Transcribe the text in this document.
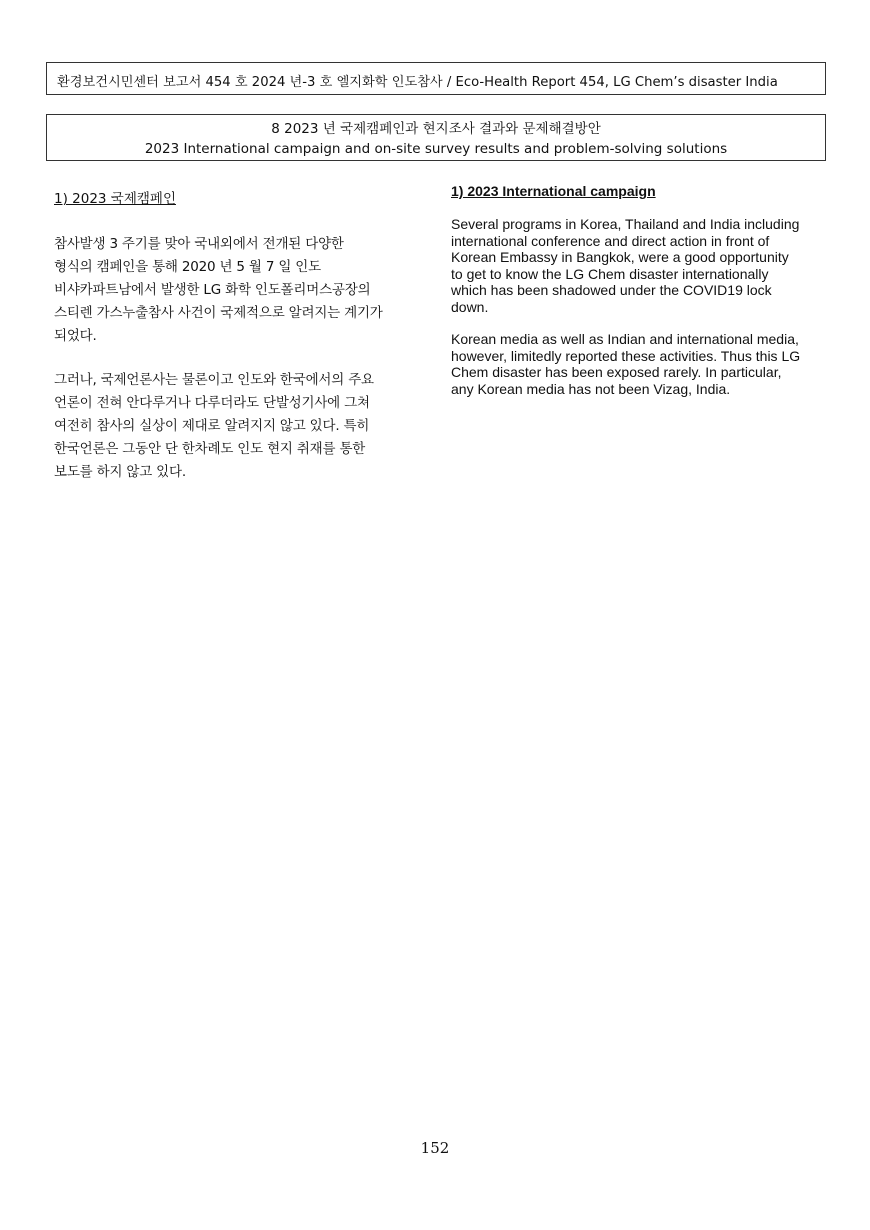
환경보건시민센터 보고서 454 호 2024 년-3 호 엘지화학 인도참사 / Eco-Health Report 454, LG Chem’s disaster India
8 2023 년 국제캠페인과 현지조사 결과와 문제해결방안
2023 International campaign and on-site survey results and problem-solving solutions
1) 2023 국제캠페인

참사발생 3 주기를 맞아 국내외에서 전개된 다양한
형식의 캠페인을 통해 2020 년 5 월 7 일 인도
비샤카파트남에서 발생한 LG 화학 인도폴리머스공장의
스티렌 가스누출참사 사건이 국제적으로 알려지는 계기가
되었다.

그러나, 국제언론사는 물론이고 인도와 한국에서의 주요
언론이 전혀 안다루거나 다루더라도 단발성기사에 그쳐
여전히 참사의 실상이 제대로 알려지지 않고 있다. 특히
한국언론은 그동안 단 한차례도 인도 현지 취재를 통한
보도를 하지 않고 있다.

1) 2023 International campaign

Several programs in Korea, Thailand and India including
international conference and direct action in front of
Korean Embassy in Bangkok, were a good opportunity
to get to know the LG Chem disaster internationally
which has been shadowed under the COVID19 lock
down.

Korean media as well as Indian and international media,
however, limitedly reported these activities. Thus this LG
Chem disaster has been exposed rarely. In particular,
any Korean media has not been Vizag, India.

152
